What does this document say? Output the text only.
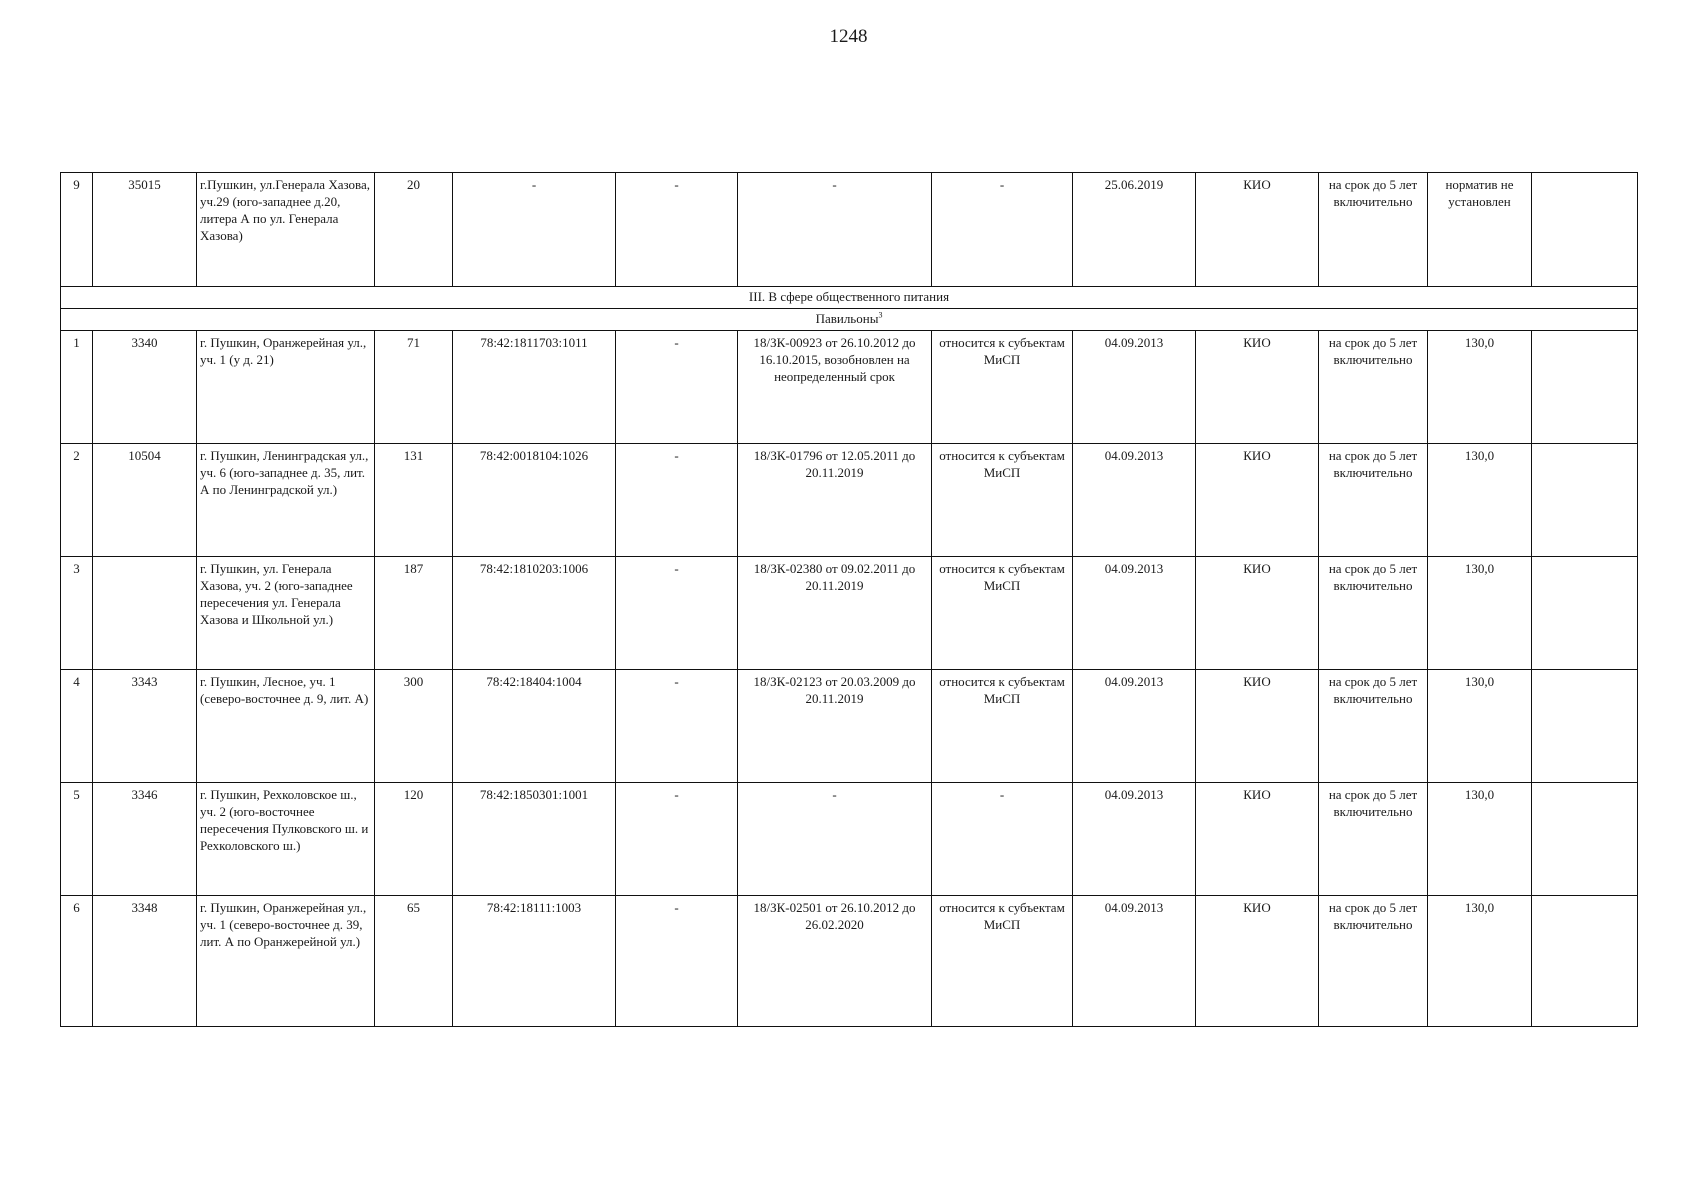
1248
9	35015	г.Пушкин, ул.Генерала Хазова, уч.29 (юго-западнее д.20, литера А по ул. Генерала Хазова)	20	-	-	-	-	25.06.2019	КИО	на срок до 5 лет включительно	норматив не установлен	
III. В сфере общественного питания												
Павильоны$^3$
1	3340	г. Пушкин, Оранжерейная ул., уч. 1 (у д. 21)	71	78:42:1811703:1011	-	18/ЗК-00923 от 26.10.2012 до 16.10.2015, возобновлен на неопределенный срок	относится к субъектам МиСП	04.09.2013	КИО	на срок до 5 лет включительно	130,0	
2	10504	г. Пушкин, Ленинградская ул., уч. 6 (юго-западнее д. 35, лит. А по Ленинградской ул.)	131	78:42:0018104:1026	-	18/ЗК-01796 от 12.05.2011 до 20.11.2019	относится к субъектам МиСП	04.09.2013	КИО	на срок до 5 лет включительно	130,0	
3		г. Пушкин, ул. Генерала Хазова, уч. 2 (юго-западнее пересечения ул. Генерала Хазова и Школьной ул.)	187	78:42:1810203:1006	-	18/ЗК-02380 от 09.02.2011 до 20.11.2019	относится к субъектам МиСП	04.09.2013	КИО	на срок до 5 лет включительно	130,0	
4	3343	г. Пушкин, Лесное, уч. 1 (северо-восточнее д. 9, лит. А)	300	78:42:18404:1004	-	18/ЗК-02123 от 20.03.2009 до 20.11.2019	относится к субъектам МиСП	04.09.2013	КИО	на срок до 5 лет включительно	130,0	
5	3346	г. Пушкин, Рехколовское ш., уч. 2 (юго-восточнее пересечения Пулковского ш. и Рехколовского ш.)	120	78:42:1850301:1001	-	-	-	04.09.2013	КИО	на срок до 5 лет включительно	130,0	
6	3348	г. Пушкин, Оранжерейная ул., уч. 1 (северо-восточнее д. 39, лит. А по Оранжерейной ул.)	65	78:42:18111:1003	-	18/ЗК-02501 от 26.10.2012 до 26.02.2020	относится к субъектам МиСП	04.09.2013	КИО	на срок до 5 лет включительно	130,0	
